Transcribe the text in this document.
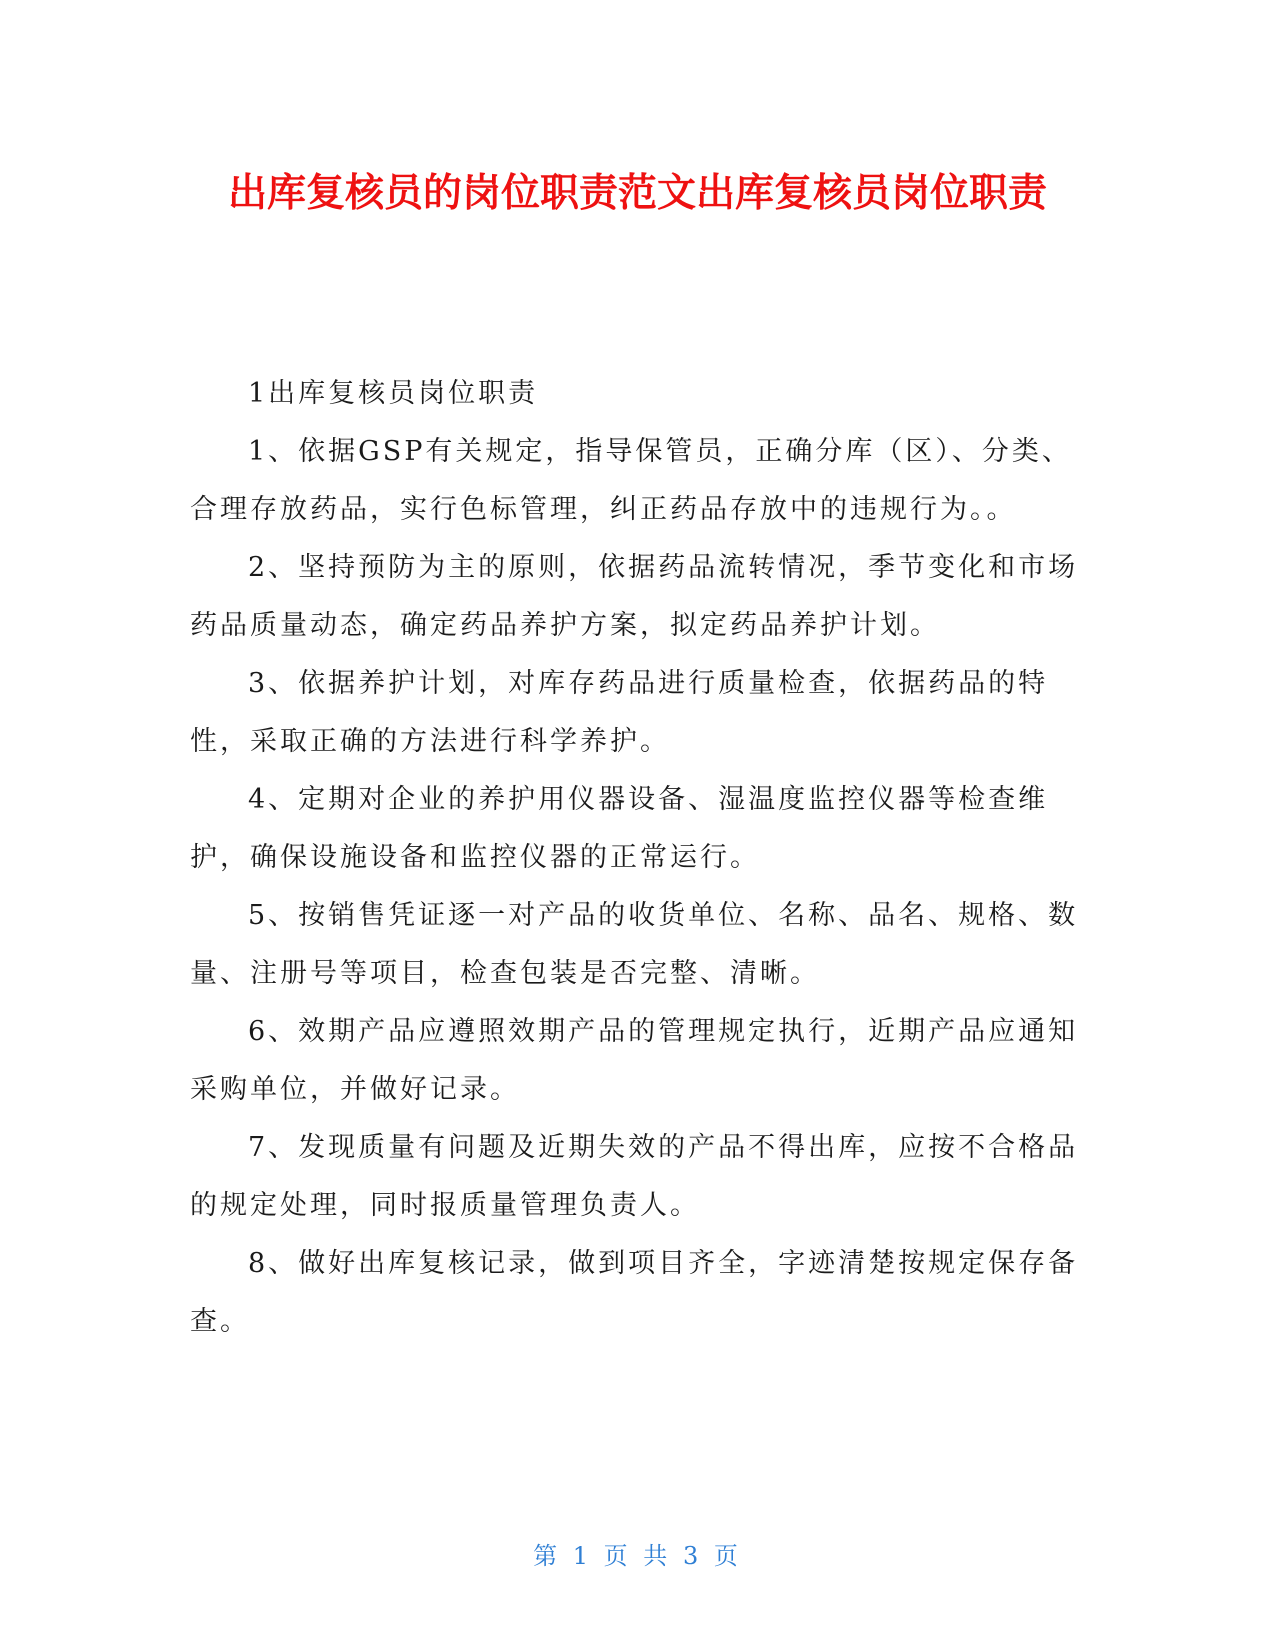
出库复核员的岗位职责范文出库复核员岗位职责

1出库复核员岗位职责

1、依据GSP有关规定，指导保管员，正确分库（区）、分类、合理存放药品，实行色标管理，纠正药品存放中的违规行为。。

2、坚持预防为主的原则，依据药品流转情况，季节变化和市场药品质量动态，确定药品养护方案，拟定药品养护计划。

3、依据养护计划，对库存药品进行质量检查，依据药品的特性，采取正确的方法进行科学养护。

4、定期对企业的养护用仪器设备、湿温度监控仪器等检查维护，确保设施设备和监控仪器的正常运行。

5、按销售凭证逐一对产品的收货单位、名称、品名、规格、数量、注册号等项目，检查包装是否完整、清晰。

6、效期产品应遵照效期产品的管理规定执行，近期产品应通知采购单位，并做好记录。

7、发现质量有问题及近期失效的产品不得出库，应按不合格品的规定处理，同时报质量管理负责人。

8、做好出库复核记录，做到项目齐全，字迹清楚按规定保存备查。

第 1 页 共 3 页
